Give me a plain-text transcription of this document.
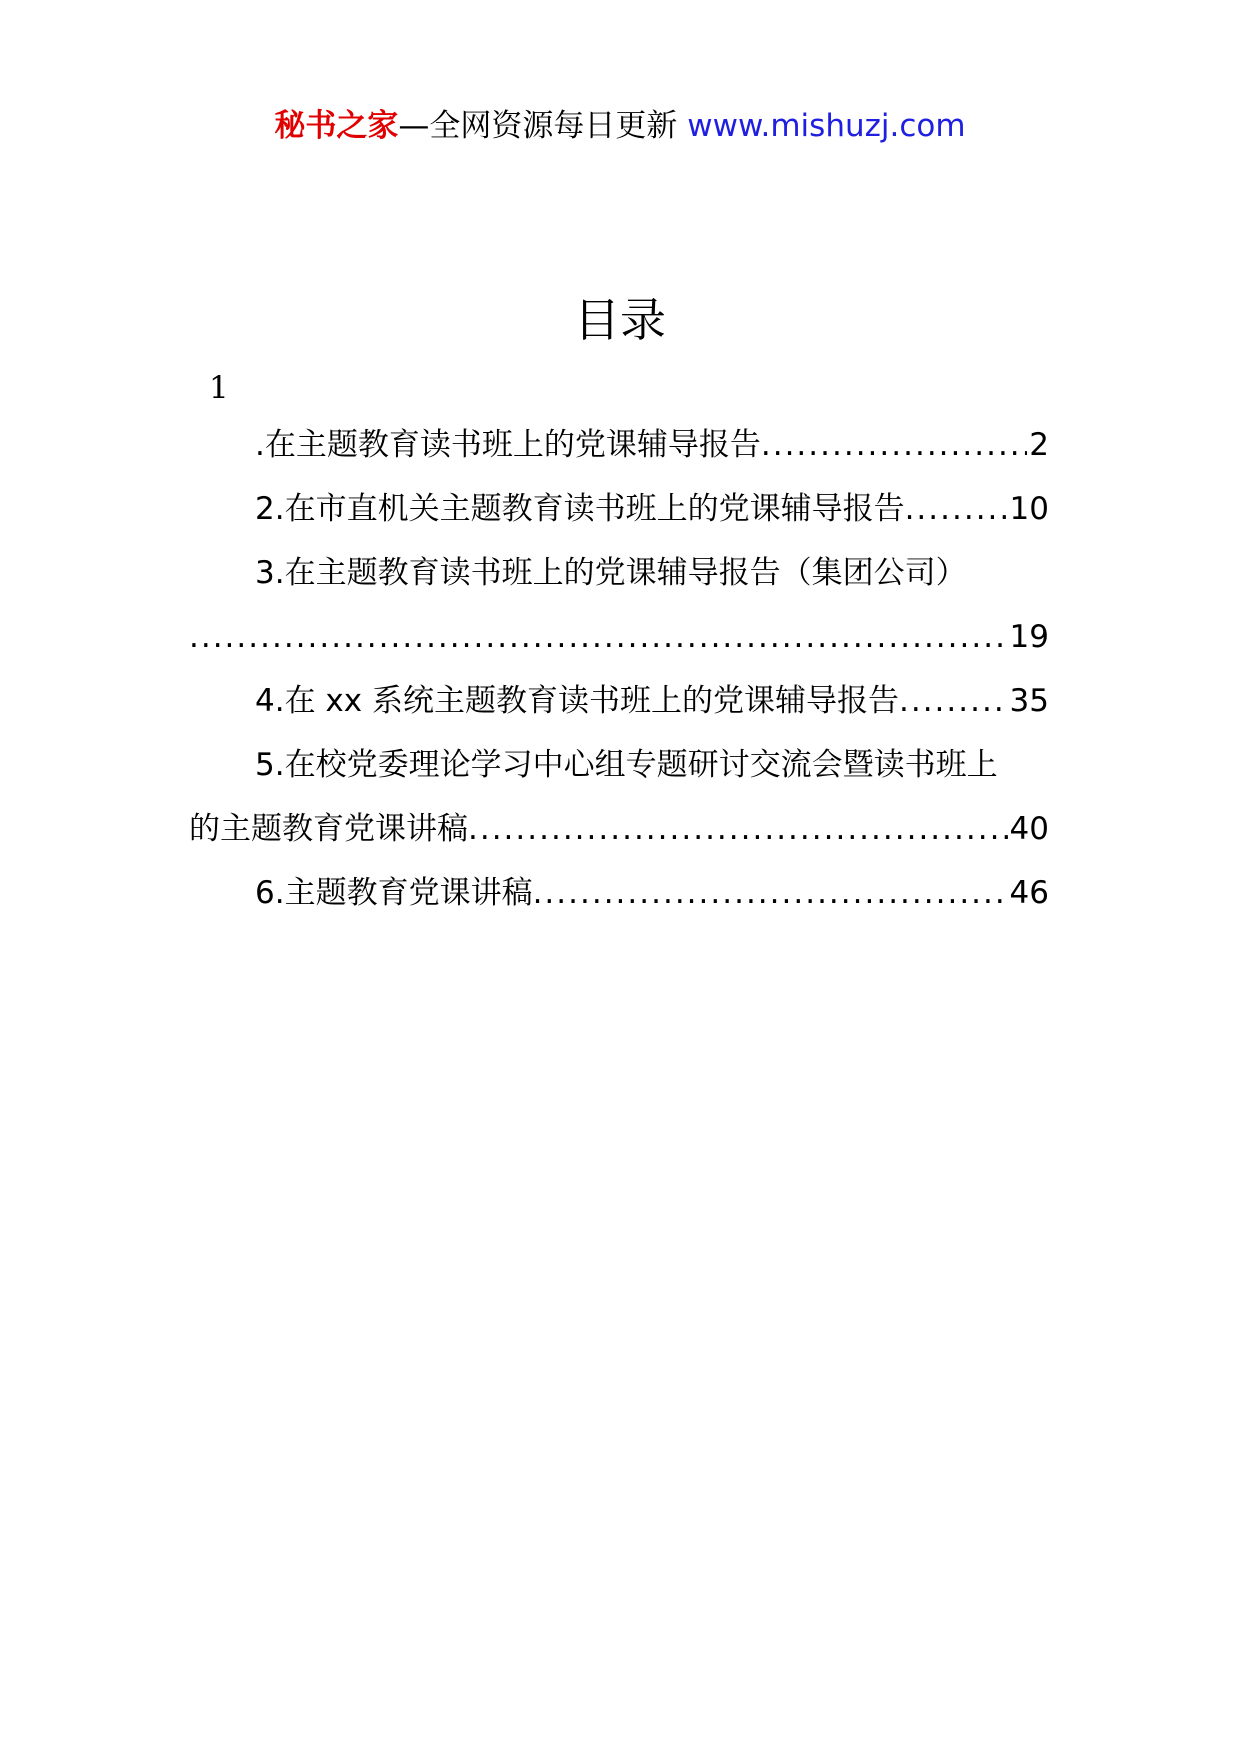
秘书之家—全网资源每日更新 www.mishuzj.com
目录
1
.在主题教育读书班上的党课辅导报告 .....	2
2.在市直机关主题教育读书班上的党课辅导报告 .....	10
3.在主题教育读书班上的党课辅导报告（集团公司）
.....
19
4.在 xx 系统主题教育读书班上的党课辅导报告 .....	35
5.在校党委理论学习中心组专题研讨交流会暨读书班上
的主题教育党课讲稿 .....	40
6.主题教育党课讲稿 .....	46
